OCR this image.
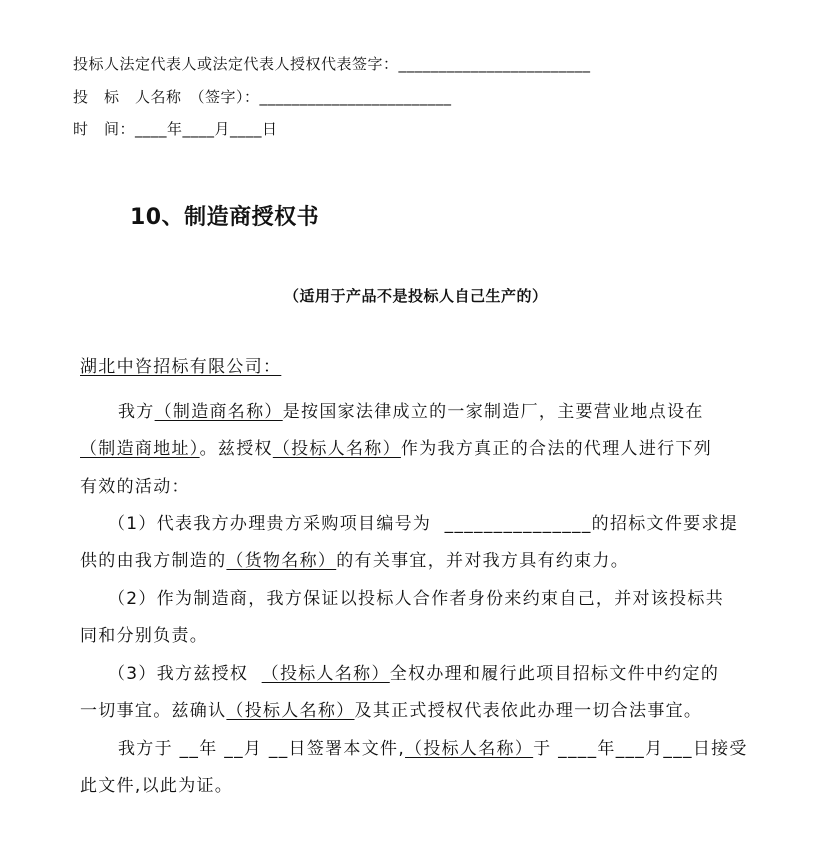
投标人法定代表人或法定代表人授权代表签字：________________________
投　标　人名称　（签字）：________________________
时　间：____年____月____日
10、制造商授权书
（适用于产品不是投标人自己生产的）
湖北中咨招标有限公司：
我方（制造商名称）是按国家法律成立的一家制造厂，主要营业地点设在
（制造商地址）。兹授权（投标人名称）作为我方真正的合法的代理人进行下列
有效的活动：
（1）代表我方办理贵方采购项目编号为 _______________的招标文件要求提
供的由我方制造的（货物名称）的有关事宜，并对我方具有约束力。
（2）作为制造商，我方保证以投标人合作者身份来约束自己，并对该投标共
同和分别负责。
（3）我方兹授权 （投标人名称）全权办理和履行此项目招标文件中约定的
一切事宜。兹确认（投标人名称）及其正式授权代表依此办理一切合法事宜。
我方于 __年 __月 __日签署本文件,（投标人名称）于 ____年___月___日接受
此文件,以此为证。
